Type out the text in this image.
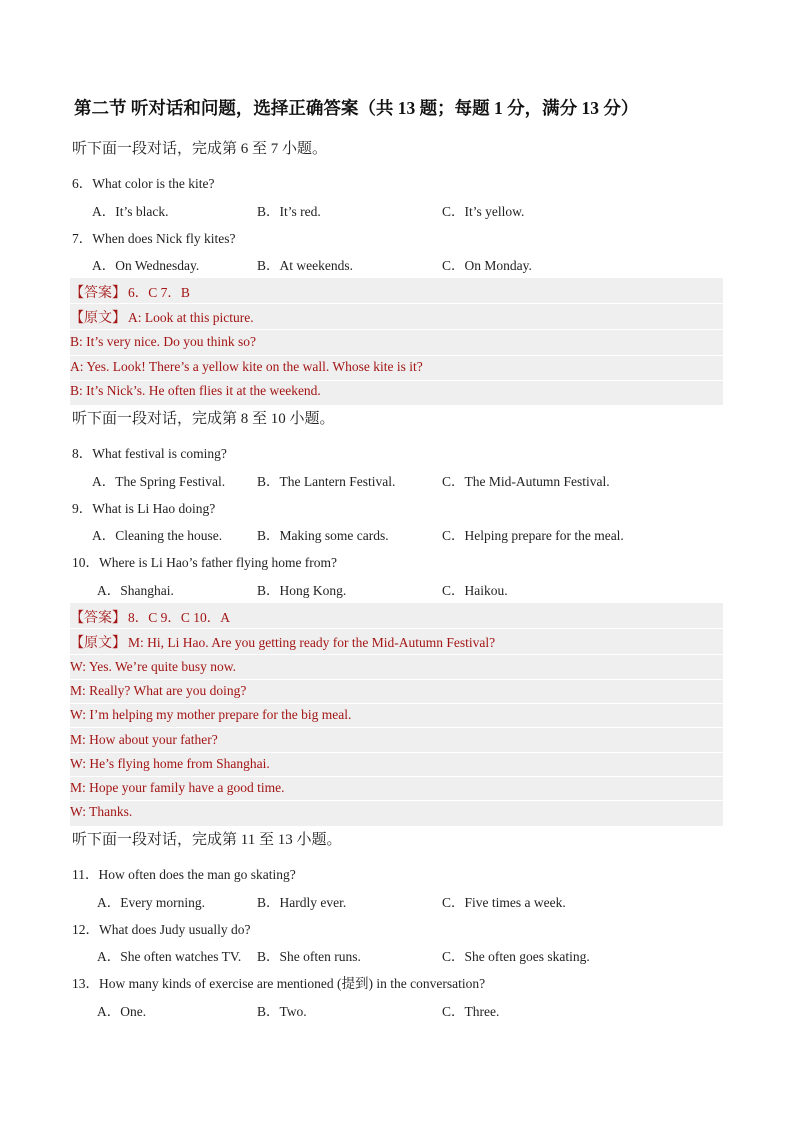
第二节 听对话和问题，选择正确答案（共 13 题；每题 1 分，满分 13 分）
听下面一段对话，完成第 6 至 7 小题。
6．What color is the kite?
A．It’s black.	B．It’s red.	C．It’s yellow.
7．When does Nick fly kites?
A．On Wednesday.	B．At weekends.	C．On Monday.
【答案】 6．C 7．B
【原文】 A: Look at this picture.
B: It’s very nice. Do you think so?
A: Yes. Look! There’s a yellow kite on the wall. Whose kite is it?
B: It’s Nick’s. He often flies it at the weekend.
听下面一段对话，完成第 8 至 10 小题。
8．What festival is coming?
A．The Spring Festival. B．The Lantern Festival.	C．The Mid-Autumn Festival.
9．What is Li Hao doing?
A．Cleaning the house.	B．Making some cards.	C．Helping prepare for the meal.
10．Where is Li Hao’s father flying home from?
A．Shanghai.	B．Hong Kong.	C．Haikou.
【答案】 8．C 9．C 10．A
【原文】 M: Hi, Li Hao. Are you getting ready for the Mid-Autumn Festival?
W: Yes. We’re quite busy now.
M: Really? What are you doing?
W: I’m helping my mother prepare for the big meal.
M: How about your father?
W: He’s flying home from Shanghai.
M: Hope your family have a good time.
W: Thanks.
听下面一段对话，完成第 11 至 13 小题。
11．How often does the man go skating?
A．Every morning.	B．Hardly ever.	C．Five times a week.
12．What does Judy usually do?
A．She often watches TV. B．She often runs.	C．She often goes skating.
13．How many kinds of exercise are mentioned (提到) in the conversation?
A．One.	B．Two.	C．Three.
